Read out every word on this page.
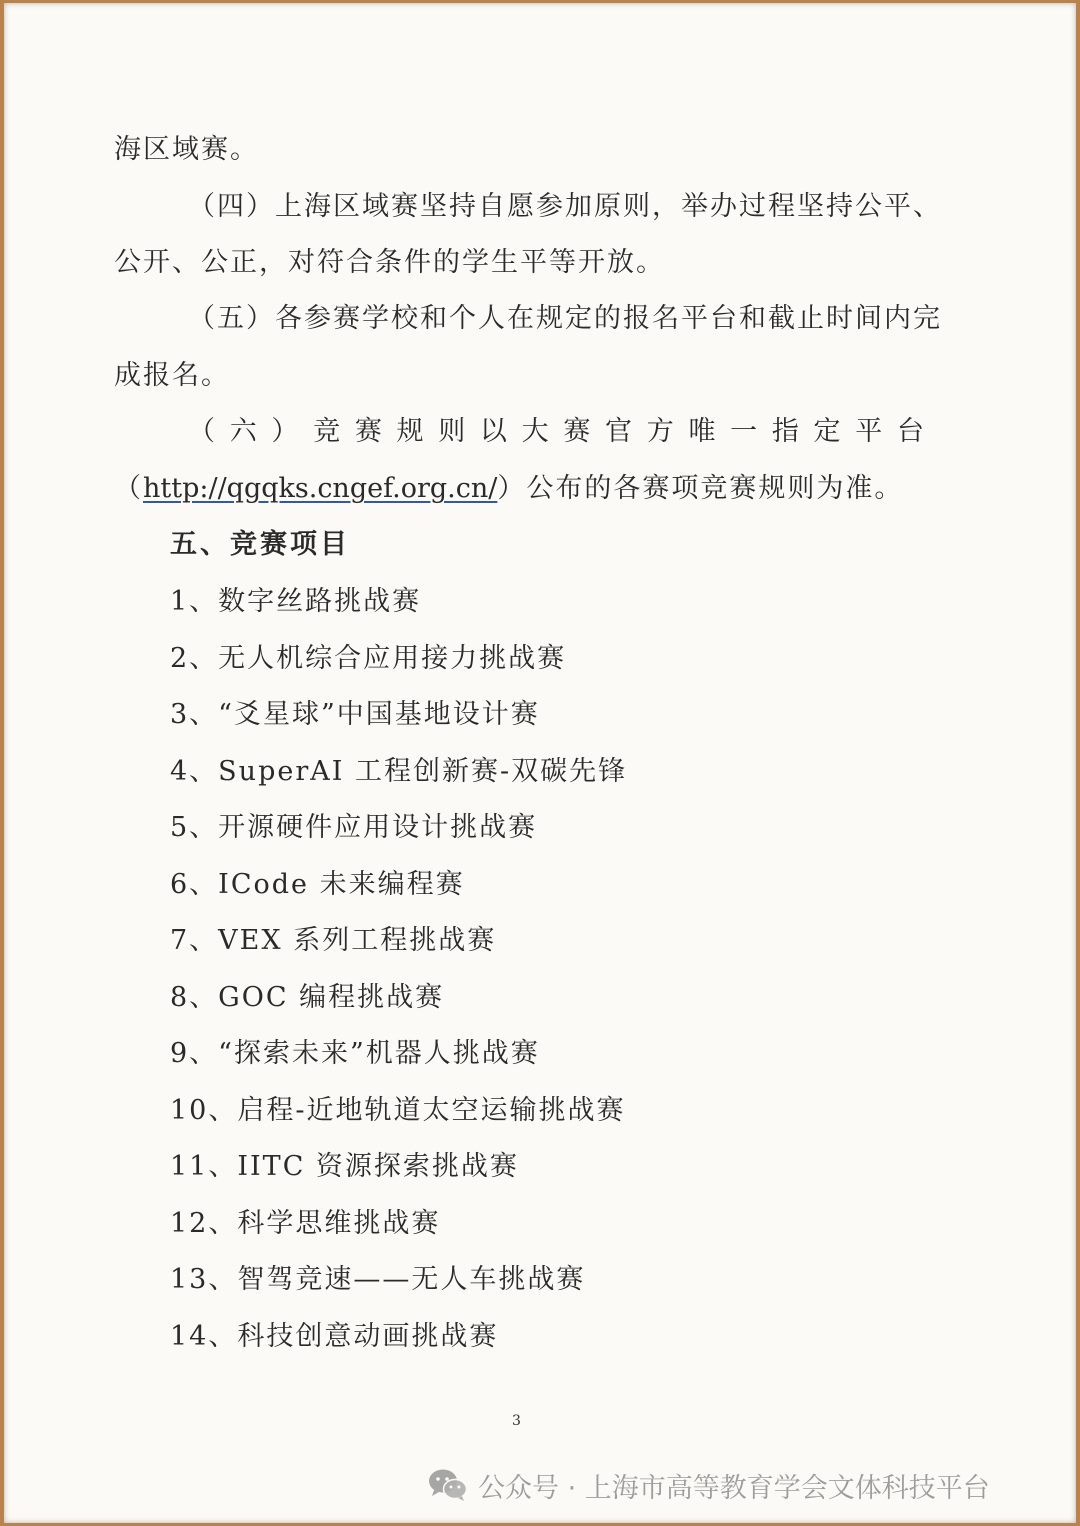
海区域赛。
（四）上海区域赛坚持自愿参加原则，举办过程坚持公平、
公开、公正，对符合条件的学生平等开放。
（五）各参赛学校和个人在规定的报名平台和截止时间内完
成报名。
（ 六 ） 竞 赛 规 则 以 大 赛 官 方 唯 一 指 定 平 台
（http://qgqks.cngef.org.cn/）公布的各赛项竞赛规则为准。
五、竞赛项目
1、数字丝路挑战赛
2、无人机综合应用接力挑战赛
3、“爻星球”中国基地设计赛
4、SuperAI 工程创新赛-双碳先锋
5、开源硬件应用设计挑战赛
6、ICode 未来编程赛
7、VEX 系列工程挑战赛
8、GOC 编程挑战赛
9、“探索未来”机器人挑战赛
10、启程-近地轨道太空运输挑战赛
11、IITC 资源探索挑战赛
12、科学思维挑战赛
13、智驾竞速——无人车挑战赛
14、科技创意动画挑战赛
3
公众号 · 上海市高等教育学会文体科技平台
